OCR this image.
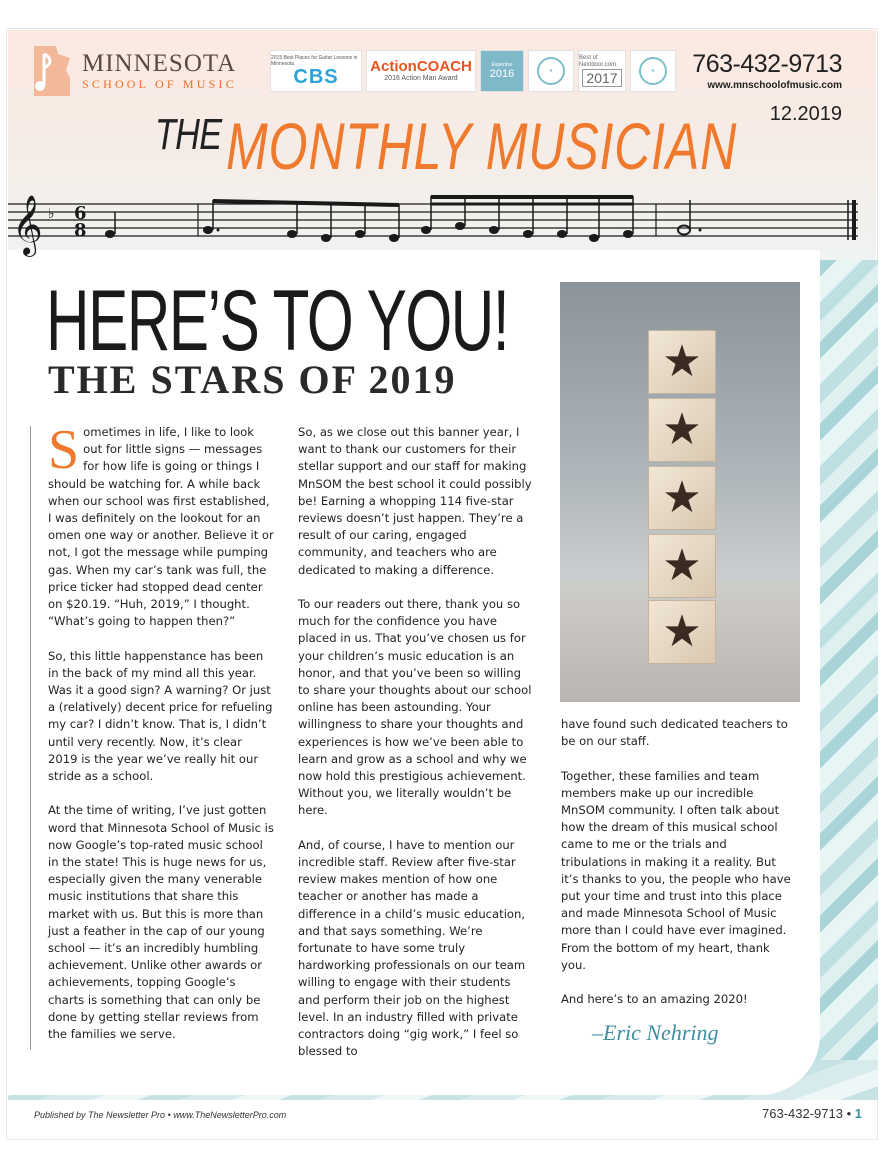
MINNESOTA
SCHOOL OF MUSIC
2015 Best Places for Guitar Lessons in Minnesota
CBS ActionCOACH
2016 Action Man Award
Expertise
2016	★
Best of Nextdoor.com
2017	★	763-432-9713
www.mnschoolofmusic.com
12.2019
THE MONTHLY MUSICIAN
𝄞 ♭ 6
8
HERE’S TO YOU!
THE STARS OF 2019	★
★
★
★
★

Sometimes in life, I like to look out for little signs — messages for how life is going or things I should be watching for. A while back when our school was first established, I was definitely on the lookout for an omen one way or another. Believe it or not, I got the message while pumping gas. When my car’s tank was full, the price ticker had stopped dead center on $20.19. “Huh, 2019,” I thought. “What’s going to happen then?”

So, this little happenstance has been in the back of my mind all this year. Was it a good sign? A warning? Or just a (relatively) decent price for refueling my car? I didn’t know. That is, I didn’t until very recently. Now, it’s clear 2019 is the year we’ve really hit our stride as a school.

At the time of writing, I’ve just gotten word that Minnesota School of Music is now Google’s top-rated music school in the state! This is huge news for us, especially given the many venerable music institutions that share this market with us. But this is more than just a feather in the cap of our young school — it’s an incredibly humbling achievement. Unlike other awards or achievements, topping Google’s charts is something that can only be done by getting stellar reviews from the families we serve.

So, as we close out this banner year, I want to thank our customers for their stellar support and our staff for making MnSOM the best school it could possibly be! Earning a whopping 114 five-star reviews doesn’t just happen. They’re a result of our caring, engaged community, and teachers who are dedicated to making a difference.

To our readers out there, thank you so much for the confidence you have placed in us. That you’ve chosen us for your children’s music education is an honor, and that you’ve been so willing to share your thoughts about our school online has been astounding. Your willingness to share your thoughts and experiences is how we’ve been able to learn and grow as a school and why we now hold this prestigious achievement. Without you, we literally wouldn’t be here.

And, of course, I have to mention our incredible staff. Review after five-star review makes mention of how one teacher or another has made a difference in a child’s music education, and that says something. We’re fortunate to have some truly hardworking professionals on our team willing to engage with their students and perform their job on the highest level. In an industry filled with private contractors doing “gig work,” I feel so blessed to

have found such dedicated teachers to be on our staff.

Together, these families and team members make up our incredible MnSOM community. I often talk about how the dream of this musical school came to me or the trials and tribulations in making it a reality. But it’s thanks to you, the people who have put your time and trust into this place and made Minnesota School of Music more than I could have ever imagined. From the bottom of my heart, thank you.

And here’s to an amazing 2020!

–Eric Nehring
Published by The Newsletter Pro • www.TheNewsletterPro.com	763-432-9713 • 1
